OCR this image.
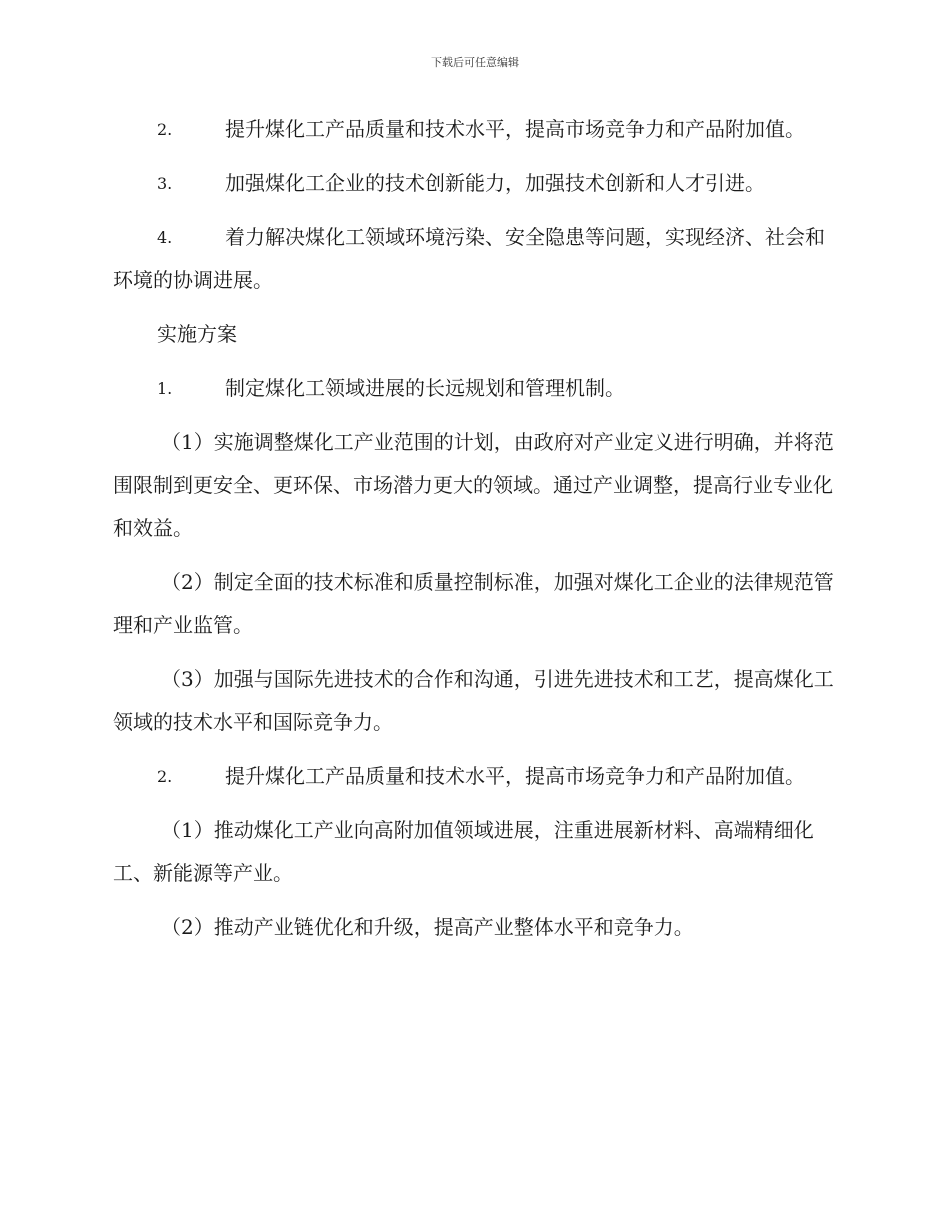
下载后可任意编辑

2.	提升煤化工产品质量和技术水平，提高市场竞争力和产品附加值。

3.	加强煤化工企业的技术创新能力，加强技术创新和人才引进。

4.	着力解决煤化工领域环境污染、安全隐患等问题，实现经济、社会和环境的协调进展。

实施方案

1.	制定煤化工领域进展的长远规划和管理机制。

（1）实施调整煤化工产业范围的计划，由政府对产业定义进行明确，并将范围限制到更安全、更环保、市场潜力更大的领域。通过产业调整，提高行业专业化和效益。

（2）制定全面的技术标准和质量控制标准，加强对煤化工企业的法律规范管理和产业监管。

（3）加强与国际先进技术的合作和沟通，引进先进技术和工艺，提高煤化工领域的技术水平和国际竞争力。

2.	提升煤化工产品质量和技术水平，提高市场竞争力和产品附加值。

（1）推动煤化工产业向高附加值领域进展，注重进展新材料、高端精细化工、新能源等产业。

（2）推动产业链优化和升级，提高产业整体水平和竞争力。
